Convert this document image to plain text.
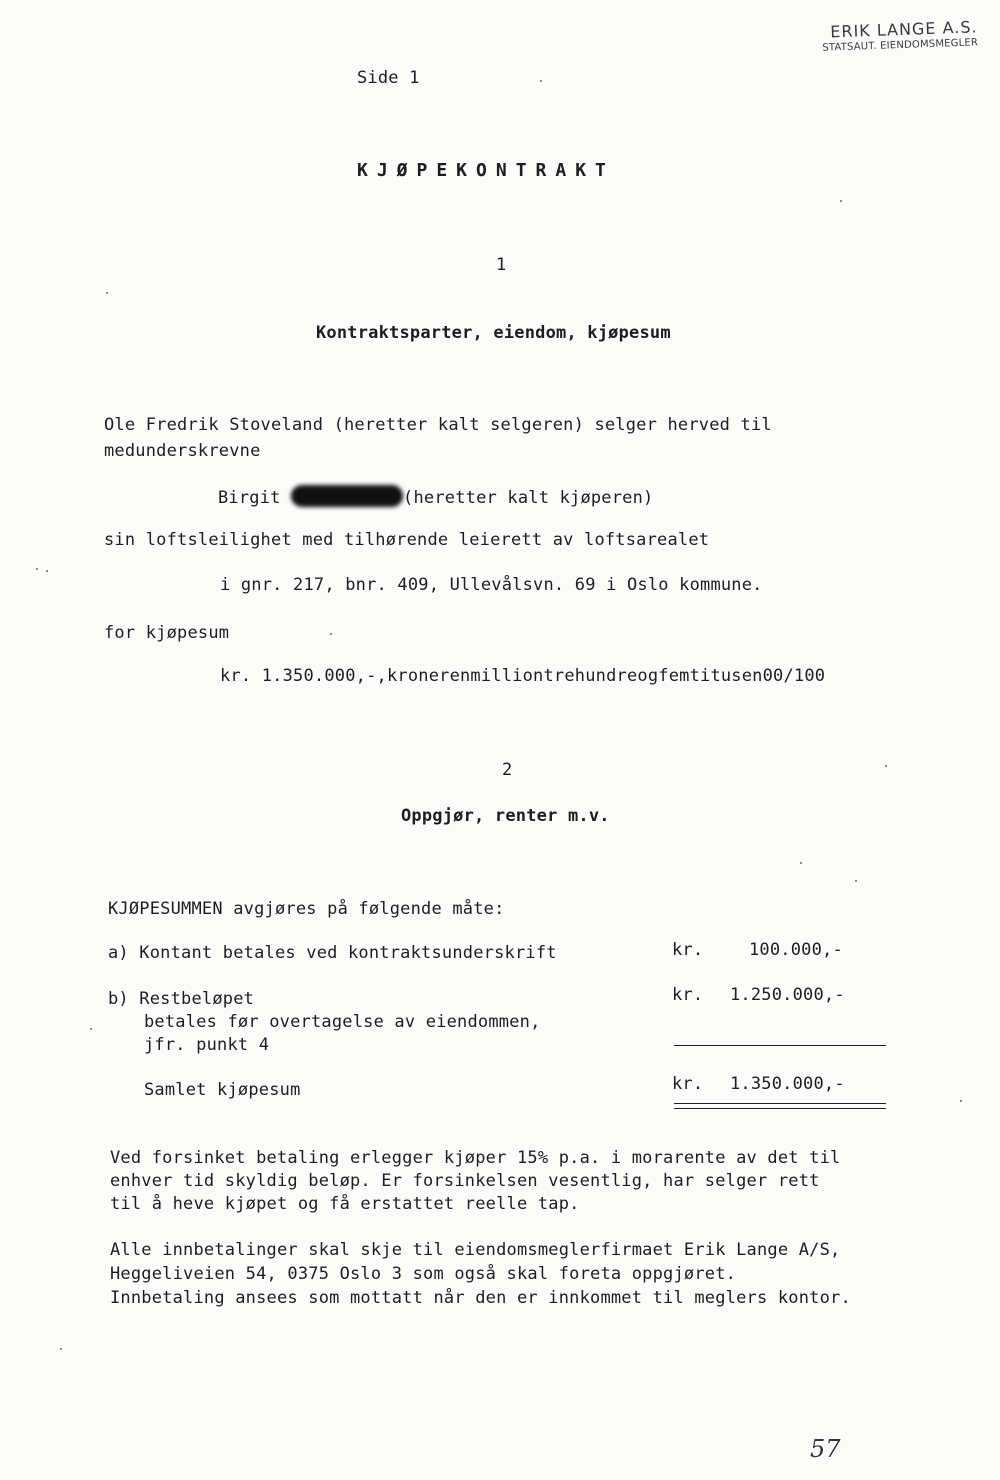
ERIK LANGE A.S.
STATSAUT. EIENDOMSMEGLER
Side 1
KJØPEKONTRAKT
1
Kontraktsparter, eiendom, kjøpesum
Ole Fredrik Stoveland (heretter kalt selgeren) selger herved til
medunderskrevne
Birgit	(heretter kalt kjøperen)
sin loftsleilighet med tilhørende leierett av loftsarealet
i gnr. 217, bnr. 409, Ullevålsvn. 69 i Oslo kommune.
for kjøpesum
kr. 1.350.000,-,kronerenmilliontrehundreogfemtitusen00/100
2
Oppgjør, renter m.v.
KJØPESUMMEN avgjøres på følgende måte:
a) Kontant betales ved kontraktsunderskrift	kr.	100.000,-
b) Restbeløpet	kr. 1.250.000,-
betales før overtagelse av eiendommen,
jfr. punkt 4
Samlet kjøpesum	kr. 1.350.000,-
Ved forsinket betaling erlegger kjøper 15% p.a. i morarente av det til
enhver tid skyldig beløp. Er forsinkelsen vesentlig, har selger rett
til å heve kjøpet og få erstattet reelle tap.
Alle innbetalinger skal skje til eiendomsmeglerfirmaet Erik Lange A/S,
Heggeliveien 54, 0375 Oslo 3 som også skal foreta oppgjøret.
Innbetaling ansees som mottatt når den er innkommet til meglers kontor.
57
